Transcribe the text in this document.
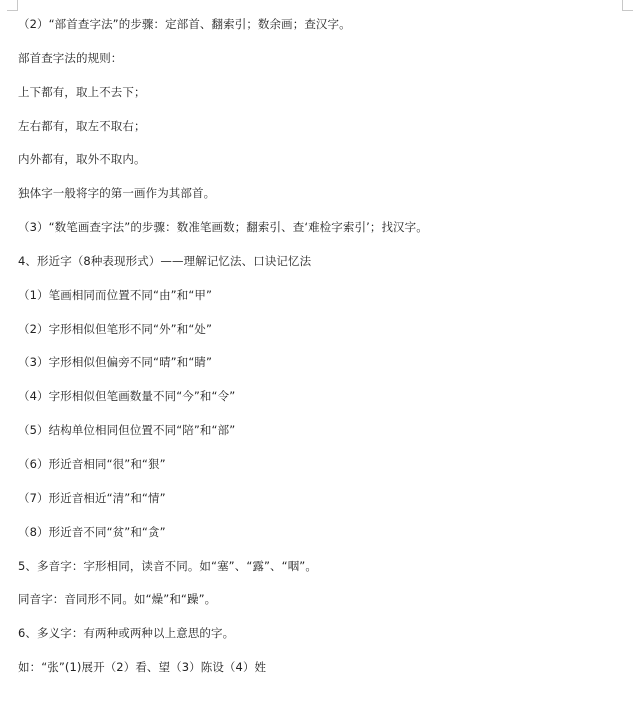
（2）“部首查字法”的步骤：定部首、翻索引；数余画；查汉字。
部首查字法的规则：
上下都有，取上不去下；
左右都有，取左不取右；
内外都有，取外不取内。
独体字一般将字的第一画作为其部首。
（3）“数笔画查字法”的步骤：数准笔画数；翻索引、查‘难检字索引’；找汉字。
4、形近字（8种表现形式）——理解记忆法、口诀记忆法
（1）笔画相同而位置不同“由”和“甲”
（2）字形相似但笔形不同“外”和“处”
（3）字形相似但偏旁不同“晴”和“睛”
（4）字形相似但笔画数量不同“今”和“令”
（5）结构单位相同但位置不同“陪”和“部”
（6）形近音相同“很”和“狠”
（7）形近音相近“清”和“情”
（8）形近音不同“贫”和“贪”
5、多音字：字形相同，读音不同。如“塞”、“露”、“咽”。
同音字：音同形不同。如“燥”和“躁”。
6、多义字：有两种或两种以上意思的字。
如：“张”(1)展开（2）看、望（3）陈设（4）姓
